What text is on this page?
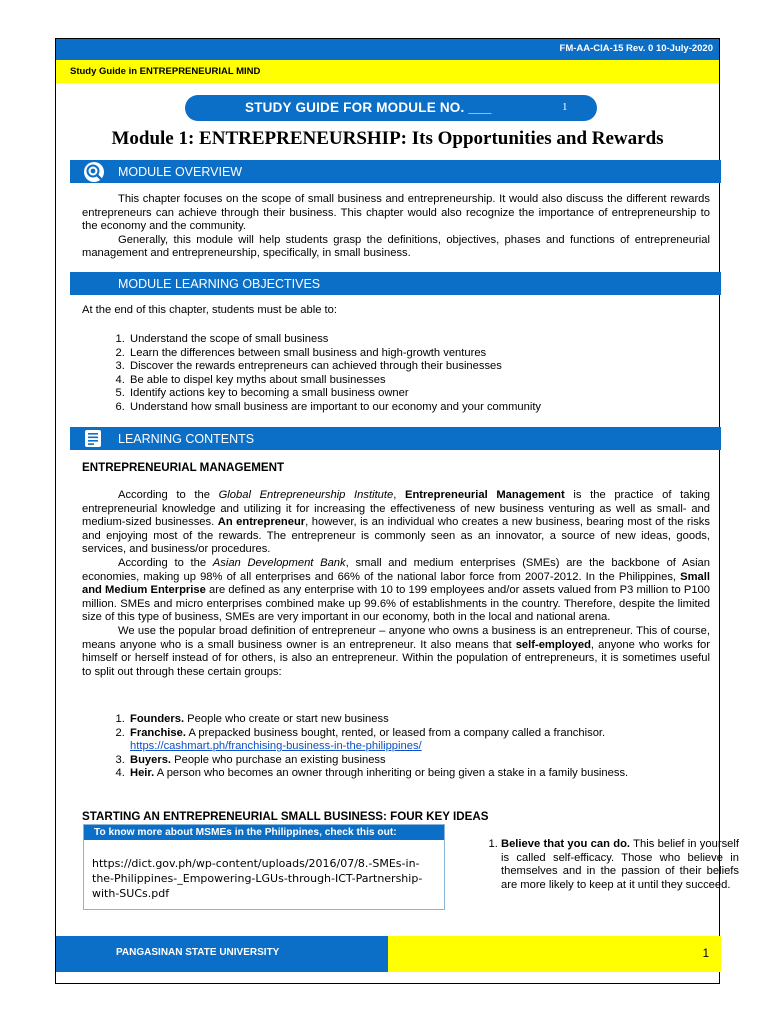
FM-AA-CIA-15 Rev. 0 10-July-2020
Study Guide in ENTREPRENEURIAL MIND
STUDY GUIDE FOR MODULE NO. ___	1
Module 1: ENTREPRENEURSHIP: Its Opportunities and Rewards
MODULE OVERVIEW

This chapter focuses on the scope of small business and entrepreneurship. It would also discuss the different rewards entrepreneurs can achieve through their business. This chapter would also recognize the importance of entrepreneurship to the economy and the community.

Generally, this module will help students grasp the definitions, objectives, phases and functions of entrepreneurial management and entrepreneurship, specifically, in small business.

MODULE LEARNING OBJECTIVES
At the end of this chapter, students must be able to:
1. Understand the scope of small business
2. Learn the differences between small business and high-growth ventures
3. Discover the rewards entrepreneurs can achieved through their businesses
4. Be able to dispel key myths about small businesses
5. Identify actions key to becoming a small business owner
6. Understand how small business are important to our economy and your community
LEARNING CONTENTS
ENTREPRENEURIAL MANAGEMENT

According to the Global Entrepreneurship Institute, Entrepreneurial Management is the practice of taking entrepreneurial knowledge and utilizing it for increasing the effectiveness of new business venturing as well as small- and medium-sized businesses. An entrepreneur, however, is an individual who creates a new business, bearing most of the risks and enjoying most of the rewards. The entrepreneur is commonly seen as an innovator, a source of new ideas, goods, services, and business/or procedures.

According to the Asian Development Bank, small and medium enterprises (SMEs) are the backbone of Asian economies, making up 98% of all enterprises and 66% of the national labor force from 2007-2012. In the Philippines, Small and Medium Enterprise are defined as any enterprise with 10 to 199 employees and/or assets valued from P3 million to P100 million. SMEs and micro enterprises combined make up 99.6% of establishments in the country. Therefore, despite the limited size of this type of business, SMEs are very important in our economy, both in the local and national arena.

We use the popular broad definition of entrepreneur – anyone who owns a business is an entrepreneur. This of course, means anyone who is a small business owner is an entrepreneur. It also means that self-employed, anyone who works for himself or herself instead of for others, is also an entrepreneur. Within the population of entrepreneurs, it is sometimes useful to split out through these certain groups:

1. Founders. People who create or start new business
2. Franchise. A prepacked business bought, rented, or leased from a company called a franchisor.
https://cashmart.ph/franchising-business-in-the-philippines/
3. Buyers. People who purchase an existing business
4. Heir. A person who becomes an owner through inheriting or being given a stake in a family business.
STARTING AN ENTREPRENEURIAL SMALL BUSINESS: FOUR KEY IDEAS
To know more about MSMEs in the Philippines, check this out:
https://dict.gov.ph/wp-content/uploads/2016/07/8.-SMEs-in-the-Philippines-_Empowering-LGUs-through-ICT-Partnership-with-SUCs.pdf
1. Believe that you can do. This belief in yourself is called self-efficacy. Those who believe in themselves and in the passion of their beliefs are more likely to keep at it until they succeed.
PANGASINAN STATE UNIVERSITY	1
